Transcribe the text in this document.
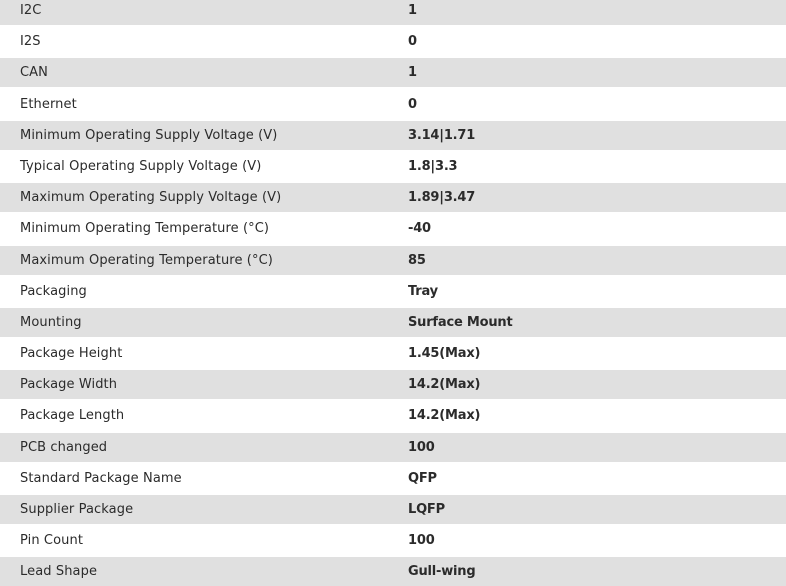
I2C	1
I2S	0
CAN	1
Ethernet	0
Minimum Operating Supply Voltage (V)	3.14|1.71
Typical Operating Supply Voltage (V)	1.8|3.3
Maximum Operating Supply Voltage (V)	1.89|3.47
Minimum Operating Temperature (°C)	-40
Maximum Operating Temperature (°C)	85
Packaging	Tray
Mounting	Surface Mount
Package Height	1.45(Max)
Package Width	14.2(Max)
Package Length	14.2(Max)
PCB changed	100
Standard Package Name	QFP
Supplier Package	LQFP
Pin Count	100
Lead Shape	Gull-wing
